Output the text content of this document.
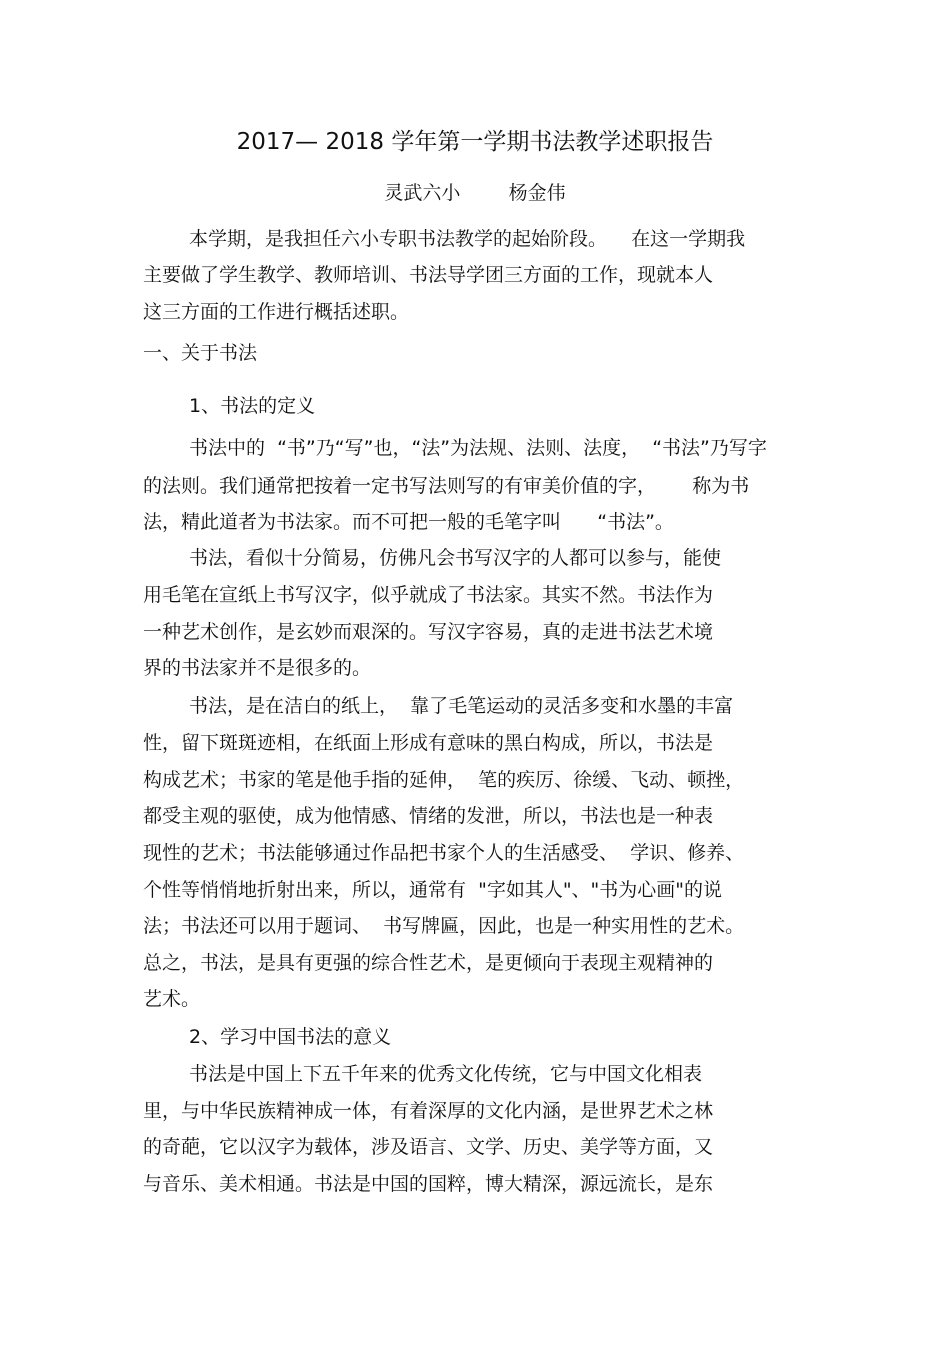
2017— 2018 学年第一学期书法教学述职报告
灵武六小        杨金伟
本学期，是我担任六小专职书法教学的起始阶段。    在这一学期我
主要做了学生教学、教师培训、书法导学团三方面的工作，现就本人
这三方面的工作进行概括述职。
一、关于书法
1、书法的定义
书法中的  “书”乃“写”也，“法”为法规、法则、法度，  “书法”乃写字
的法则。我们通常把按着一定书写法则写的有审美价值的字，      称为书
法，精此道者为书法家。而不可把一般的毛笔字叫      “书法”。
书法，看似十分简易，仿佛凡会书写汉字的人都可以参与，能使
用毛笔在宣纸上书写汉字，似乎就成了书法家。其实不然。书法作为
一种艺术创作，是玄妙而艰深的。写汉字容易，真的走进书法艺术境
界的书法家并不是很多的。
书法，是在洁白的纸上，  靠了毛笔运动的灵活多变和水墨的丰富
性，留下斑斑迹相，在纸面上形成有意味的黑白构成，所以，书法是
构成艺术；书家的笔是他手指的延伸，  笔的疾厉、徐缓、飞动、顿挫，
都受主观的驱使，成为他情感、情绪的发泄，所以，书法也是一种表
现性的艺术；书法能够通过作品把书家个人的生活感受、  学识、修养、
个性等悄悄地折射出来，所以，通常有  "字如其人"、"书为心画"的说
法；书法还可以用于题词、  书写牌匾，因此，也是一种实用性的艺术。
总之，书法，是具有更强的综合性艺术，是更倾向于表现主观精神的
艺术。
2、学习中国书法的意义
书法是中国上下五千年来的优秀文化传统，它与中国文化相表
里，与中华民族精神成一体，有着深厚的文化内涵，是世界艺术之林
的奇葩，它以汉字为载体，涉及语言、文学、历史、美学等方面，又
与音乐、美术相通。书法是中国的国粹，博大精深，源远流长，是东
